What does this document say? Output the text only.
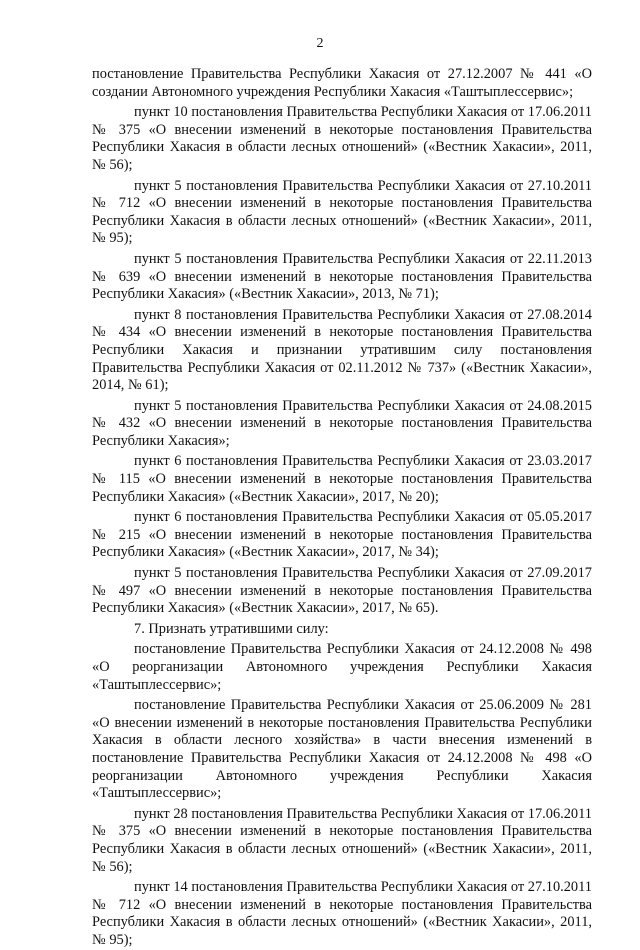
2

постановление Правительства Республики Хакасия от 27.12.2007 № 441 «О создании Автономного учреждения Республики Хакасия «Таштыплессервис»;

пункт 10 постановления Правительства Республики Хакасия от 17.06.2011 № 375 «О внесении изменений в некоторые постановления Правительства Республики Хакасия в области лесных отношений» («Вестник Хакасии», 2011, № 56);

пункт 5 постановления Правительства Республики Хакасия от 27.10.2011 № 712 «О внесении изменений в некоторые постановления Правительства Республики Хакасия в области лесных отношений» («Вестник Хакасии», 2011, № 95);

пункт 5 постановления Правительства Республики Хакасия от 22.11.2013 № 639 «О внесении изменений в некоторые постановления Правительства Республики Хакасия» («Вестник Хакасии», 2013, № 71);

пункт 8 постановления Правительства Республики Хакасия от 27.08.2014 № 434 «О внесении изменений в некоторые постановления Правительства Республики Хакасия и признании утратившим силу постановления Правительства Республики Хакасия от 02.11.2012 № 737» («Вестник Хакасии», 2014, № 61);

пункт 5 постановления Правительства Республики Хакасия от 24.08.2015 № 432 «О внесении изменений в некоторые постановления Правительства Республики Хакасия»;

пункт 6 постановления Правительства Республики Хакасия от 23.03.2017 № 115 «О внесении изменений в некоторые постановления Правительства Республики Хакасия» («Вестник Хакасии», 2017, № 20);

пункт 6 постановления Правительства Республики Хакасия от 05.05.2017 № 215 «О внесении изменений в некоторые постановления Правительства Республики Хакасия» («Вестник Хакасии», 2017, № 34);

пункт 5 постановления Правительства Республики Хакасия от 27.09.2017 № 497 «О внесении изменений в некоторые постановления Правительства Республики Хакасия» («Вестник Хакасии», 2017, № 65).

7. Признать утратившими силу:

постановление Правительства Республики Хакасия от 24.12.2008 № 498 «О реорганизации Автономного учреждения Республики Хакасия «Таштыплессервис»;

постановление Правительства Республики Хакасия от 25.06.2009 № 281 «О внесении изменений в некоторые постановления Правительства Республики Хакасия в области лесного хозяйства» в части внесения изменений в постановление Правительства Республики Хакасия от 24.12.2008 № 498 «О реорганизации Автономного учреждения Республики Хакасия «Таштыплессервис»;

пункт 28 постановления Правительства Республики Хакасия от 17.06.2011 № 375 «О внесении изменений в некоторые постановления Правительства Республики Хакасия в области лесных отношений» («Вестник Хакасии», 2011, № 56);

пункт 14 постановления Правительства Республики Хакасия от 27.10.2011 № 712 «О внесении изменений в некоторые постановления Правительства Республики Хакасия в области лесных отношений» («Вестник Хакасии», 2011, № 95);
